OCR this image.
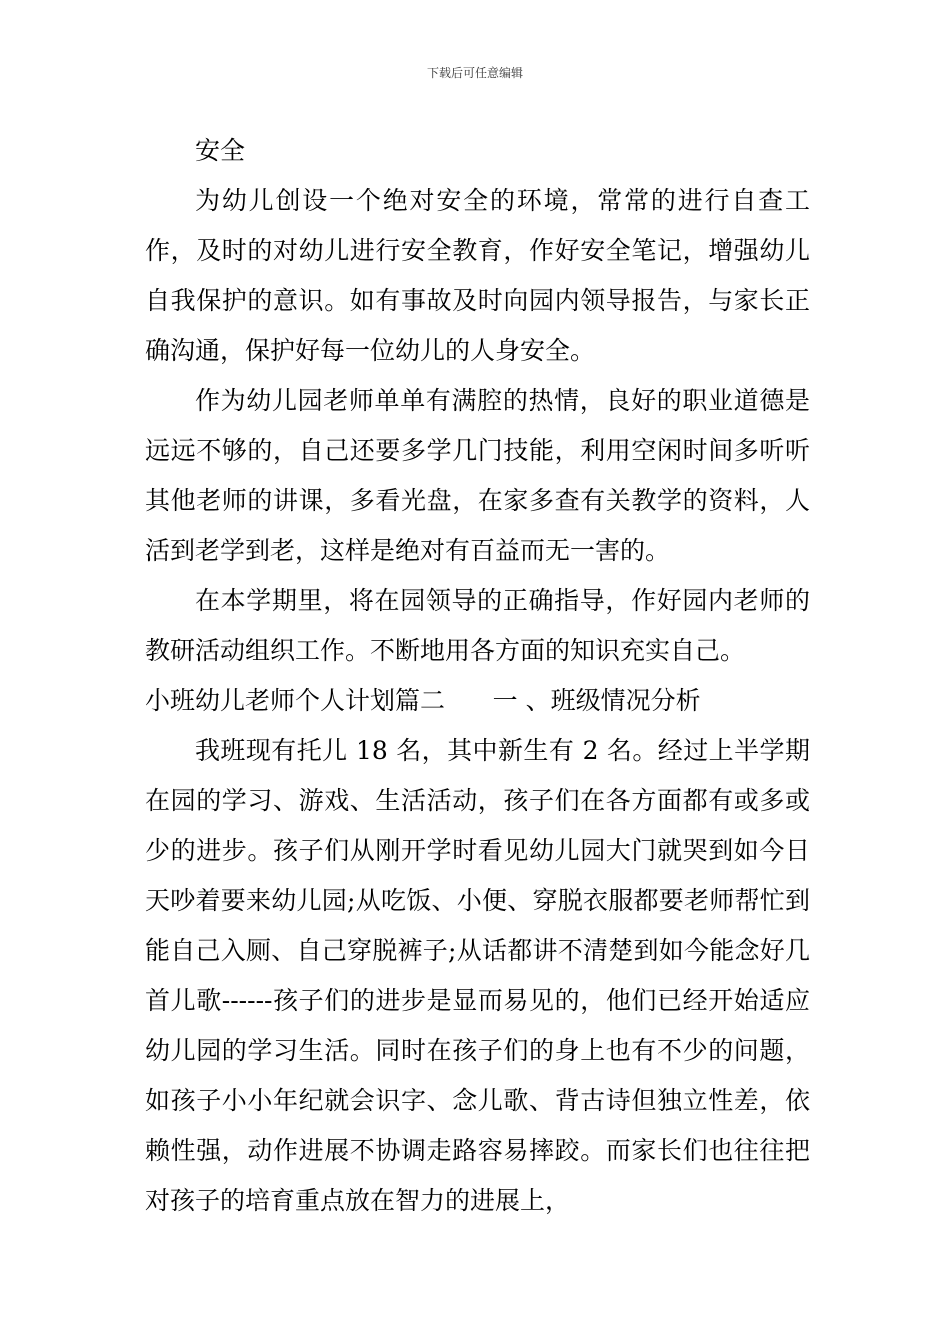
下载后可任意编辑

安全

为幼儿创设一个绝对安全的环境，常常的进行自查工作，及时的对幼儿进行安全教育，作好安全笔记，增强幼儿自我保护的意识。如有事故及时向园内领导报告，与家长正确沟通，保护好每一位幼儿的人身安全。

作为幼儿园老师单单有满腔的热情，良好的职业道德是远远不够的，自己还要多学几门技能，利用空闲时间多听听其他老师的讲课，多看光盘，在家多查有关教学的资料，人活到老学到老，这样是绝对有百益而无一害的。

在本学期里，将在园领导的正确指导，作好园内老师的教研活动组织工作。不断地用各方面的知识充实自己。

小班幼儿老师个人计划篇二      一 、班级情况分析

我班现有托儿 18 名，其中新生有 2 名。经过上半学期在园的学习、游戏、生活活动，孩子们在各方面都有或多或少的进步。孩子们从刚开学时看见幼儿园大门就哭到如今日天吵着要来幼儿园;从吃饭、小便、穿脱衣服都要老师帮忙到能自己入厕、自己穿脱裤子;从话都讲不清楚到如今能念好几首儿歌------孩子们的进步是显而易见的，他们已经开始适应幼儿园的学习生活。同时在孩子们的身上也有不少的问题，如孩子小小年纪就会识字、念儿歌、背古诗但独立性差，依赖性强，动作进展不协调走路容易摔跤。而家长们也往往把对孩子的培育重点放在智力的进展上，
